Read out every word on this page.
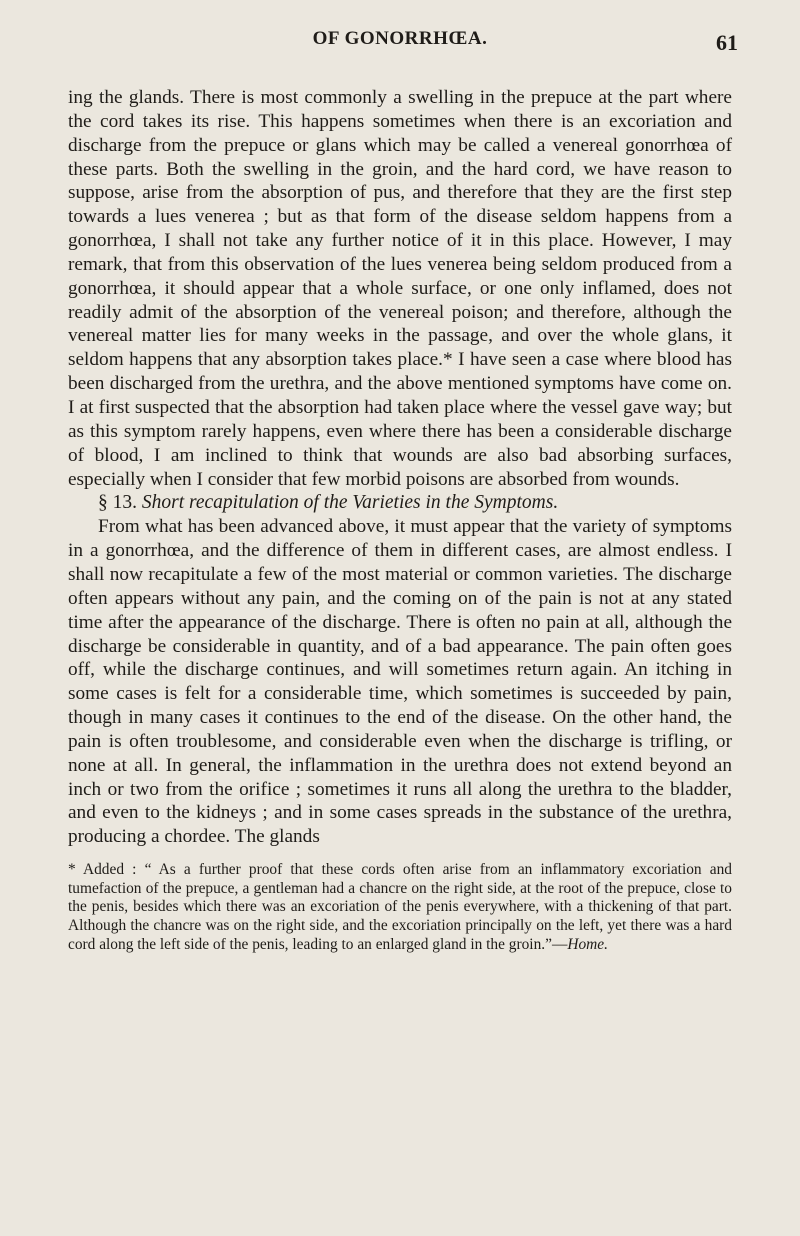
OF GONORRHŒA.	61

ing the glands. There is most commonly a swelling in the prepuce at the part where the cord takes its rise. This happens sometimes when there is an excoriation and discharge from the prepuce or glans which may be called a venereal gonorrhœa of these parts. Both the swelling in the groin, and the hard cord, we have reason to suppose, arise from the absorption of pus, and therefore that they are the first step towards a lues venerea ; but as that form of the disease seldom happens from a gonorrhœa, I shall not take any further notice of it in this place. However, I may remark, that from this observation of the lues venerea being seldom produced from a gonorrhœa, it should appear that a whole surface, or one only inflamed, does not readily admit of the absorption of the venereal poison; and therefore, although the venereal matter lies for many weeks in the passage, and over the whole glans, it seldom happens that any absorption takes place.* I have seen a case where blood has been discharged from the urethra, and the above mentioned symptoms have come on. I at first suspected that the absorption had taken place where the vessel gave way; but as this symptom rarely happens, even where there has been a considerable discharge of blood, I am inclined to think that wounds are also bad absorbing surfaces, especially when I consider that few morbid poisons are absorbed from wounds.

§ 13. Short recapitulation of the Varieties in the Symptoms.

From what has been advanced above, it must appear that the variety of symptoms in a gonorrhœa, and the difference of them in different cases, are almost endless. I shall now recapitulate a few of the most material or common varieties. The discharge often appears without any pain, and the coming on of the pain is not at any stated time after the appearance of the discharge. There is often no pain at all, although the discharge be considerable in quantity, and of a bad appearance. The pain often goes off, while the discharge continues, and will sometimes return again. An itching in some cases is felt for a considerable time, which sometimes is succeeded by pain, though in many cases it continues to the end of the disease. On the other hand, the pain is often troublesome, and considerable even when the discharge is trifling, or none at all. In general, the inflammation in the urethra does not extend beyond an inch or two from the orifice ; sometimes it runs all along the urethra to the bladder, and even to the kidneys ; and in some cases spreads in the substance of the urethra, producing a chordee. The glands

* Added : “ As a further proof that these cords often arise from an inflammatory excoriation and tumefaction of the prepuce, a gentleman had a chancre on the right side, at the root of the prepuce, close to the penis, besides which there was an excoriation of the penis everywhere, with a thickening of that part. Although the chancre was on the right side, and the excoriation principally on the left, yet there was a hard cord along the left side of the penis, leading to an enlarged gland in the groin.”—Home.
